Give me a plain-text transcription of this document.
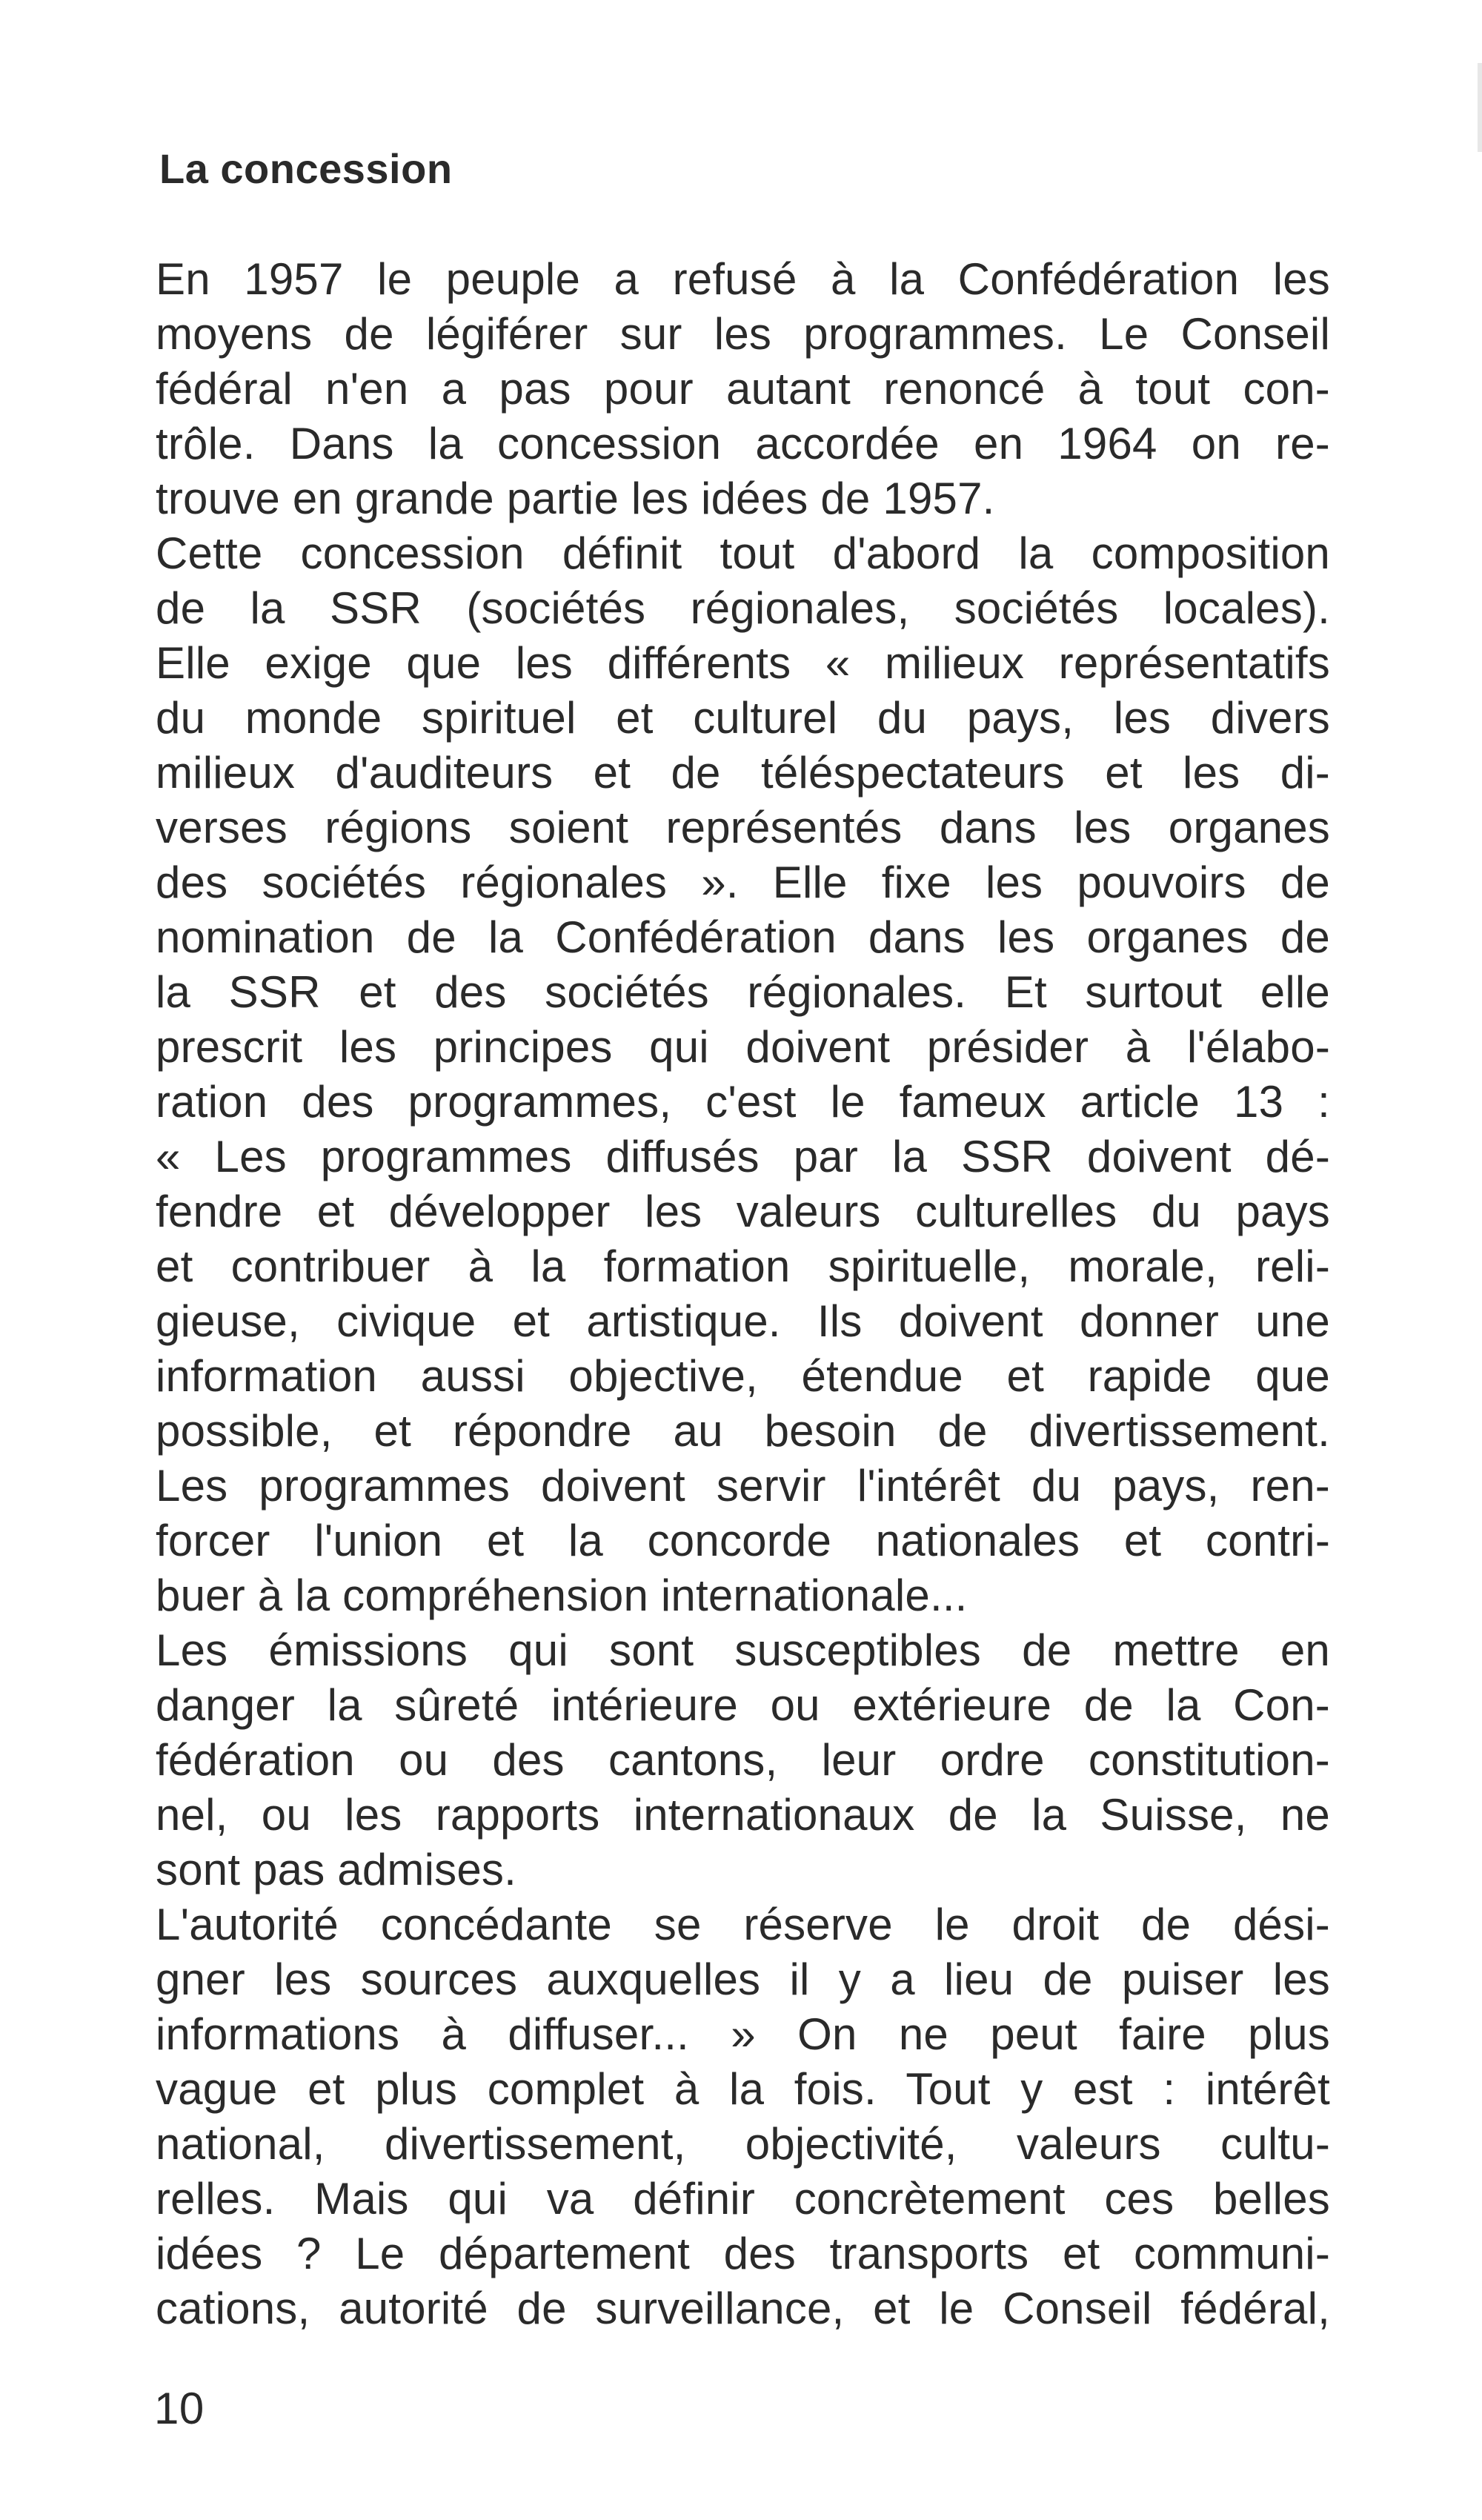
La concession
En 1957 le peuple a refusé à la Confédération les
moyens de légiférer sur les programmes. Le Conseil
fédéral n'en a pas pour autant renoncé à tout con-
trôle. Dans la concession accordée en 1964 on re-
trouve en grande partie les idées de 1957.
Cette concession définit tout d'abord la composition
de la SSR (sociétés régionales, sociétés locales).
Elle exige que les différents « milieux représentatifs
du monde spirituel et culturel du pays, les divers
milieux d'auditeurs et de téléspectateurs et les di-
verses régions soient représentés dans les organes
des sociétés régionales ». Elle fixe les pouvoirs de
nomination de la Confédération dans les organes de
la SSR et des sociétés régionales. Et surtout elle
prescrit les principes qui doivent présider à l'élabo-
ration des programmes, c'est le fameux article 13 :
« Les programmes diffusés par la SSR doivent dé-
fendre et développer les valeurs culturelles du pays
et contribuer à la formation spirituelle, morale, reli-
gieuse, civique et artistique. Ils doivent donner une
information aussi objective, étendue et rapide que
possible, et répondre au besoin de divertissement.
Les programmes doivent servir l'intérêt du pays, ren-
forcer l'union et la concorde nationales et contri-
buer à la compréhension internationale...
Les émissions qui sont susceptibles de mettre en
danger la sûreté intérieure ou extérieure de la Con-
fédération ou des cantons, leur ordre constitution-
nel, ou les rapports internationaux de la Suisse, ne
sont pas admises.
L'autorité concédante se réserve le droit de dési-
gner les sources auxquelles il y a lieu de puiser les
informations à diffuser... » On ne peut faire plus
vague et plus complet à la fois. Tout y est : intérêt
national, divertissement, objectivité, valeurs cultu-
relles. Mais qui va définir concrètement ces belles
idées ? Le département des transports et communi-
cations, autorité de surveillance, et le Conseil fédéral,
10
